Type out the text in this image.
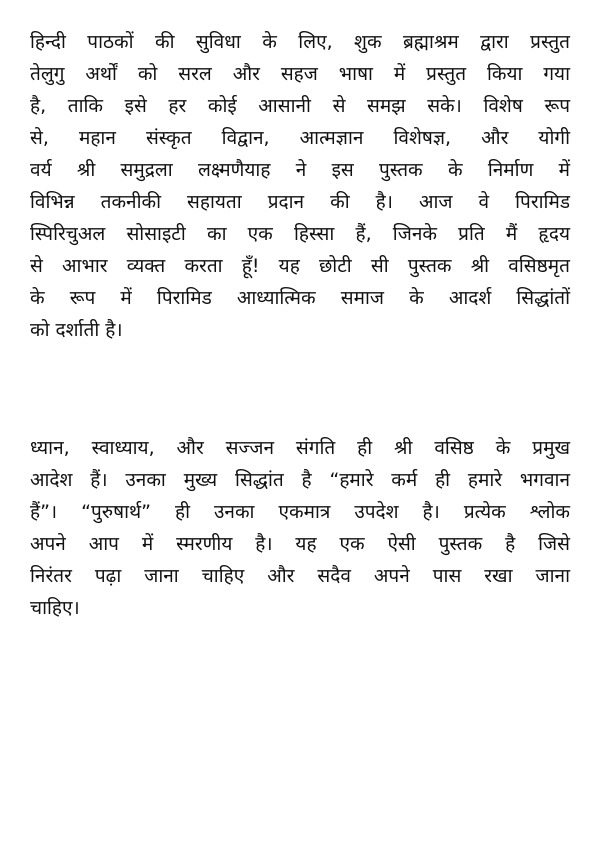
हिन्दी पाठकों की सुविधा के लिए, शुक ब्रह्माश्रम द्वारा प्रस्तुत
तेलुगु अर्थों को सरल और सहज भाषा में प्रस्तुत किया गया
है, ताकि इसे हर कोई आसानी से समझ सके। विशेष रूप
से, महान संस्कृत विद्वान, आत्मज्ञान विशेषज्ञ, और योगी
वर्य श्री समुद्रला लक्ष्मणैयाह ने इस पुस्तक के निर्माण में
विभिन्न तकनीकी सहायता प्रदान की है। आज वे पिरामिड
स्पिरिचुअल सोसाइटी का एक हिस्सा हैं, जिनके प्रति मैं हृदय
से आभार व्यक्त करता हूँ! यह छोटी सी पुस्तक श्री वसिष्ठमृत
के रूप में पिरामिड आध्यात्मिक समाज के आदर्श सिद्धांतों
को दर्शाती है।
ध्यान, स्वाध्याय, और सज्जन संगति ही श्री वसिष्ठ के प्रमुख
आदेश हैं। उनका मुख्य सिद्धांत है “हमारे कर्म ही हमारे भगवान
हैं”। “पुरुषार्थ” ही उनका एकमात्र उपदेश है। प्रत्येक श्लोक
अपने आप में स्मरणीय है। यह एक ऐसी पुस्तक है जिसे
निरंतर पढ़ा जाना चाहिए और सदैव अपने पास रखा जाना
चाहिए।
